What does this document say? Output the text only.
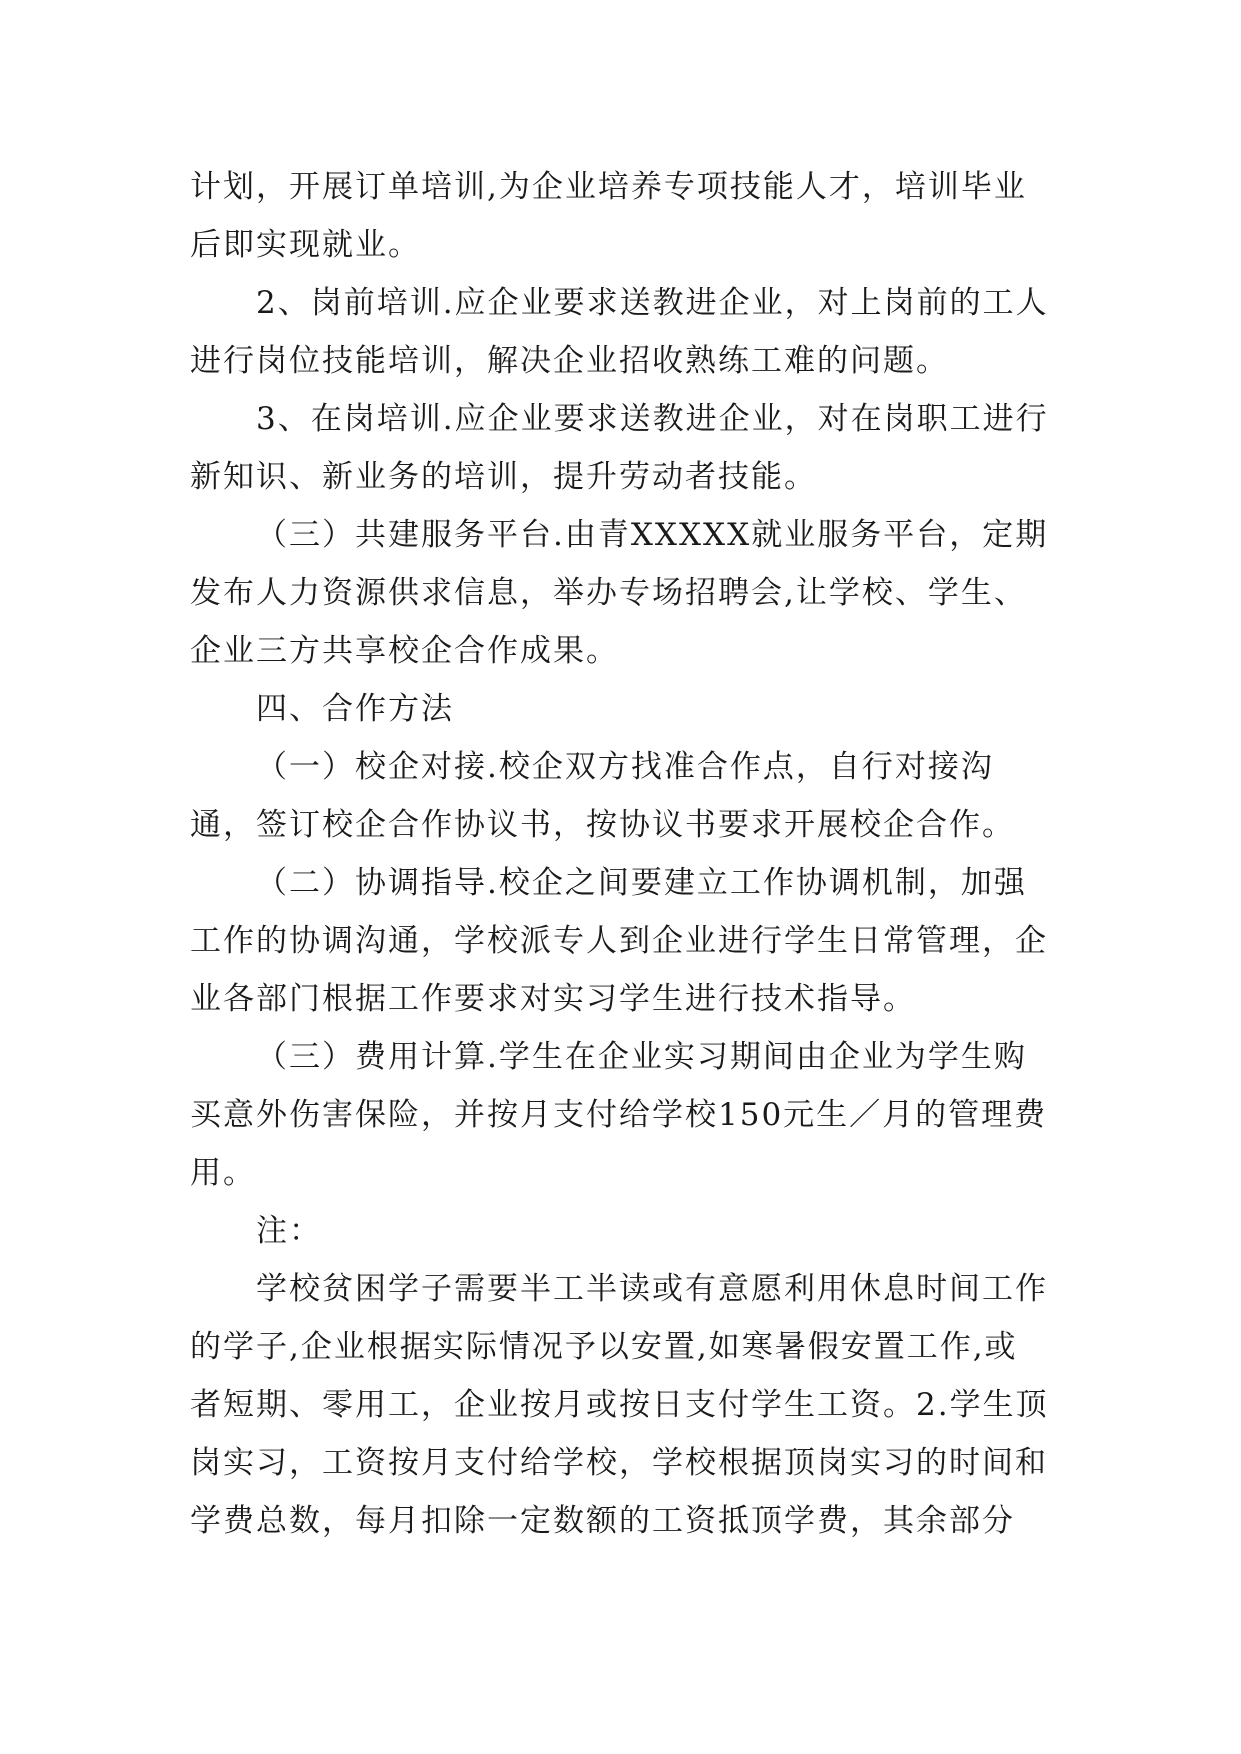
计划，开展订单培训,为企业培养专项技能人才，培训毕业后即实现就业。

2、岗前培训.应企业要求送教进企业，对上岗前的工人进行岗位技能培训，解决企业招收熟练工难的问题。

3、在岗培训.应企业要求送教进企业，对在岗职工进行新知识、新业务的培训，提升劳动者技能。

（三）共建服务平台.由青XXXXX就业服务平台，定期发布人力资源供求信息，举办专场招聘会,让学校、学生、企业三方共享校企合作成果。

四、合作方法

（一）校企对接.校企双方找准合作点，自行对接沟通，签订校企合作协议书，按协议书要求开展校企合作。

（二）协调指导.校企之间要建立工作协调机制，加强工作的协调沟通，学校派专人到企业进行学生日常管理，企业各部门根据工作要求对实习学生进行技术指导。

（三）费用计算.学生在企业实习期间由企业为学生购买意外伤害保险，并按月支付给学校150元生／月的管理费用。

注：

学校贫困学子需要半工半读或有意愿利用休息时间工作的学子,企业根据实际情况予以安置,如寒暑假安置工作,或者短期、零用工，企业按月或按日支付学生工资。2.学生顶岗实习，工资按月支付给学校，学校根据顶岗实习的时间和学费总数，每月扣除一定数额的工资抵顶学费，其余部分
